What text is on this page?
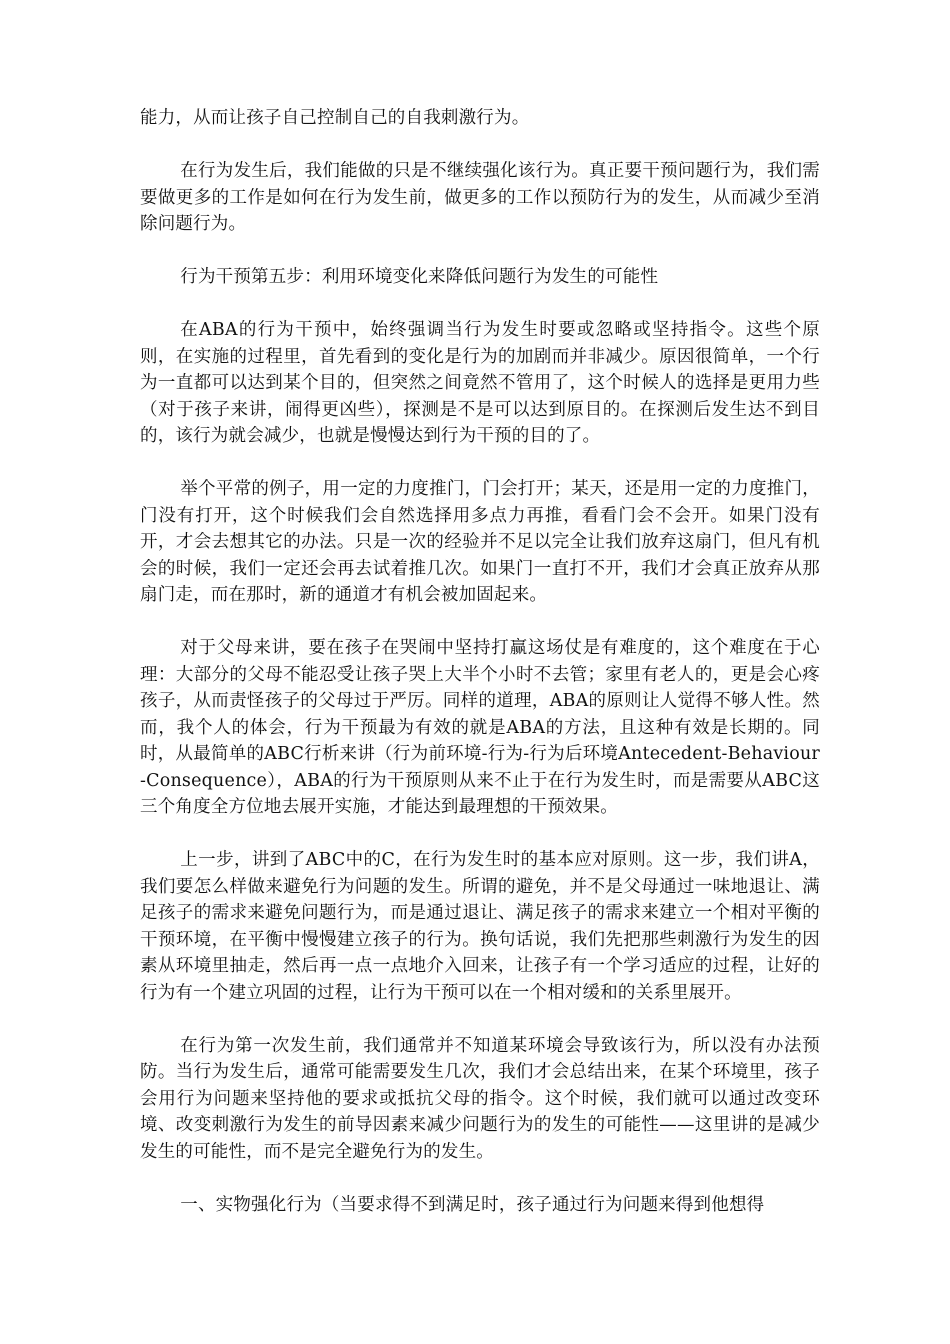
能力，从而让孩子自己控制自己的自我刺激行为。

在行为发生后，我们能做的只是不继续强化该行为。真正要干预问题行为，我们需要做更多的工作是如何在行为发生前，做更多的工作以预防行为的发生，从而减少至消除问题行为。

行为干预第五步：利用环境变化来降低问题行为发生的可能性

在ABA的行为干预中，始终强调当行为发生时要或忽略或坚持指令。这些个原则，在实施的过程里，首先看到的变化是行为的加剧而并非减少。原因很简单，一个行为一直都可以达到某个目的，但突然之间竟然不管用了，这个时候人的选择是更用力些（对于孩子来讲，闹得更凶些），探测是不是可以达到原目的。在探测后发生达不到目的，该行为就会减少，也就是慢慢达到行为干预的目的了。

举个平常的例子，用一定的力度推门，门会打开；某天，还是用一定的力度推门，门没有打开，这个时候我们会自然选择用多点力再推，看看门会不会开。如果门没有开，才会去想其它的办法。只是一次的经验并不足以完全让我们放弃这扇门，但凡有机会的时候，我们一定还会再去试着推几次。如果门一直打不开，我们才会真正放弃从那扇门走，而在那时，新的通道才有机会被加固起来。

对于父母来讲，要在孩子在哭闹中坚持打赢这场仗是有难度的，这个难度在于心理：大部分的父母不能忍受让孩子哭上大半个小时不去管；家里有老人的，更是会心疼孩子，从而责怪孩子的父母过于严厉。同样的道理，ABA的原则让人觉得不够人性。然而，我个人的体会，行为干预最为有效的就是ABA的方法，且这种有效是长期的。同时，从最简单的ABC行析来讲（行为前环境-行为-行为后环境Antecedent-Behaviour-Consequence），ABA的行为干预原则从来不止于在行为发生时，而是需要从ABC这三个角度全方位地去展开实施，才能达到最理想的干预效果。

上一步，讲到了ABC中的C，在行为发生时的基本应对原则。这一步，我们讲A，我们要怎么样做来避免行为问题的发生。所谓的避免，并不是父母通过一味地退让、满足孩子的需求来避免问题行为，而是通过退让、满足孩子的需求来建立一个相对平衡的干预环境，在平衡中慢慢建立孩子的行为。换句话说，我们先把那些刺激行为发生的因素从环境里抽走，然后再一点一点地介入回来，让孩子有一个学习适应的过程，让好的行为有一个建立巩固的过程，让行为干预可以在一个相对缓和的关系里展开。

在行为第一次发生前，我们通常并不知道某环境会导致该行为，所以没有办法预防。当行为发生后，通常可能需要发生几次，我们才会总结出来，在某个环境里，孩子会用行为问题来坚持他的要求或抵抗父母的指令。这个时候，我们就可以通过改变环境、改变刺激行为发生的前导因素来减少问题行为的发生的可能性——这里讲的是减少发生的可能性，而不是完全避免行为的发生。

一、实物强化行为（当要求得不到满足时，孩子通过行为问题来得到他想得
